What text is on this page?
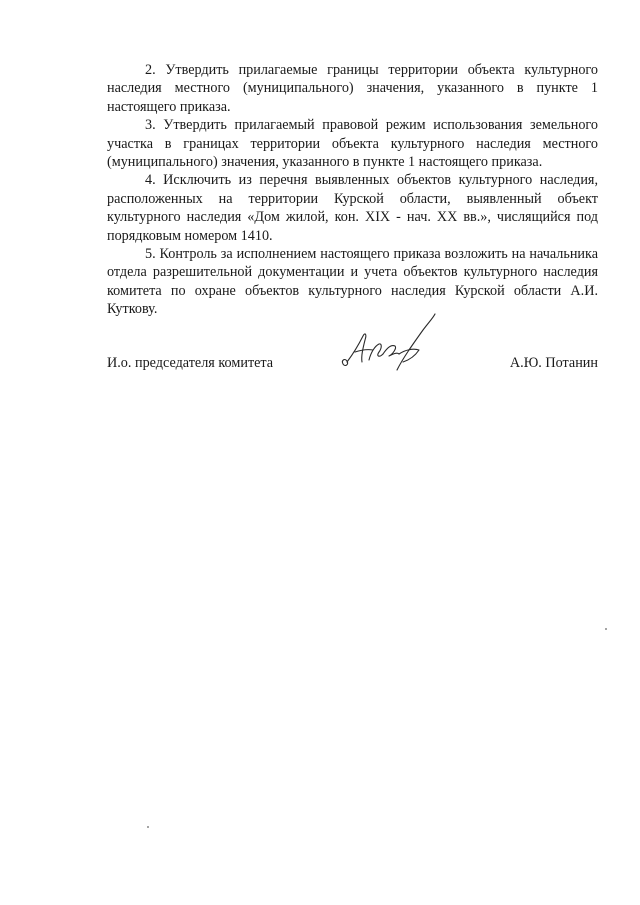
2. Утвердить прилагаемые границы территории объекта культурного наследия местного (муниципального) значения, указанного в пункте 1 настоящего приказа.

3. Утвердить прилагаемый правовой режим использования земельного участка в границах территории объекта культурного наследия местного (муниципального) значения, указанного в пункте 1 настоящего приказа.

4. Исключить из перечня выявленных объектов культурного наследия, расположенных на территории Курской области, выявленный объект культурного наследия «Дом жилой, кон. XIX - нач. XX вв.», числящийся под порядковым номером 1410.

5. Контроль за исполнением настоящего приказа возложить на начальника отдела разрешительной документации и учета объектов культурного наследия комитета по охране объектов культурного наследия Курской области А.И. Куткову.

И.о. председателя комитета	А.Ю. Потанин
